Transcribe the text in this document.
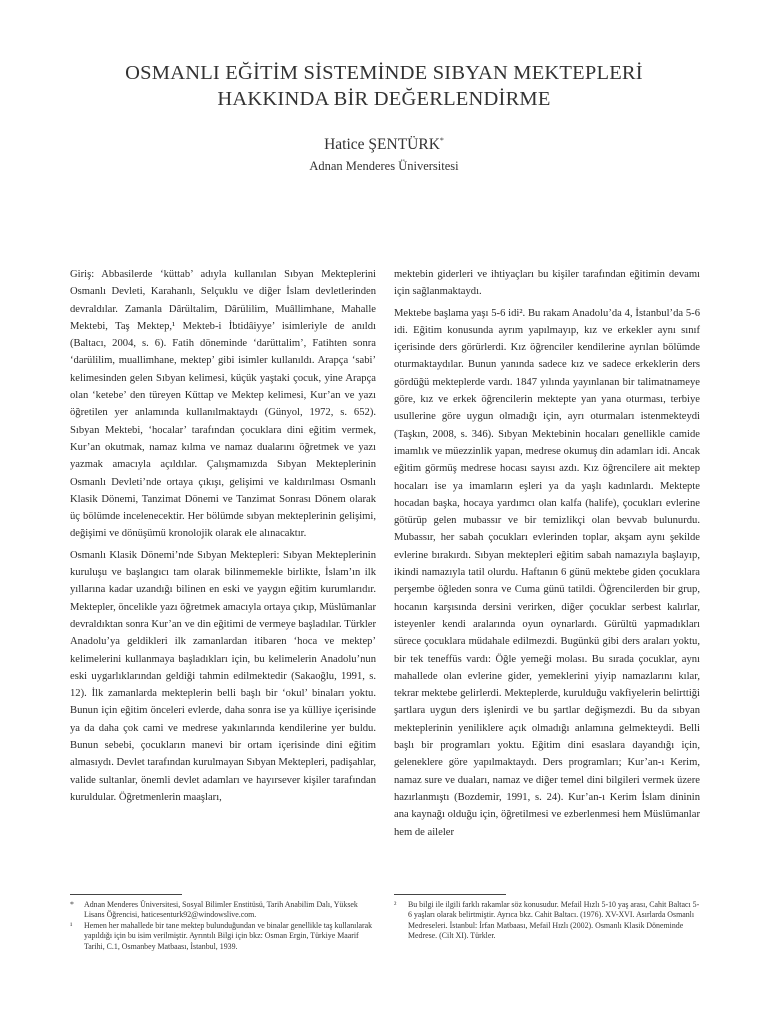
OSMANLI EĞİTİM SİSTEMİNDE SIBYAN MEKTEPLERİ
HAKKINDA BİR DEĞERLENDİRME
Hatice ŞENTÜRK*
Adnan Menderes Üniversitesi

Giriş: Abbasilerde ‘küttab’ adıyla kullanılan Sıbyan Mekteplerini Osmanlı Devleti, Karahanlı, Selçuklu ve diğer İslam devletlerinden devraldılar. Zamanla Dârültalim, Dârülilim, Muâllimhane, Mahalle Mektebi, Taş Mektep,¹ Mekteb-i İbtidâiyye’ isimleriyle de anıldı (Baltacı, 2004, s. 6). Fatih döneminde ‘darüttalim’, Fatihten sonra ‘darülilim, muallimhane, mektep’ gibi isimler kullanıldı. Arapça ‘sabi’ kelimesinden gelen Sıbyan kelimesi, küçük yaştaki çocuk, yine Arapça olan ‘ketebe’ den türeyen Küttap ve Mektep kelimesi, Kur’an ve yazı öğretilen yer anlamında kullanılmaktaydı (Günyol, 1972, s. 652). Sıbyan Mektebi, ‘hocalar’ tarafından çocuklara dini eğitim vermek, Kur’an okutmak, namaz kılma ve namaz dualarını öğretmek ve yazı yazmak amacıyla açıldılar. Çalışmamızda Sıbyan Mekteplerinin Osmanlı Devleti’nde ortaya çıkışı, gelişimi ve kaldırılması Osmanlı Klasik Dönemi, Tanzimat Dönemi ve Tanzimat Sonrası Dönem olarak üç bölümde incelenecektir. Her bölümde sıbyan mekteplerinin gelişimi, değişimi ve dönüşümü kronolojik olarak ele alınacaktır.

Osmanlı Klasik Dönemi’nde Sıbyan Mektepleri: Sıbyan Mekteplerinin kuruluşu ve başlangıcı tam olarak bilinmemekle birlikte, İslam’ın ilk yıllarına kadar uzandığı bilinen en eski ve yaygın eğitim kurumlarıdır. Mektepler, öncelikle yazı öğretmek amacıyla ortaya çıkıp, Müslümanlar devraldıktan sonra Kur’an ve din eğitimi de vermeye başladılar. Türkler Anadolu’ya geldikleri ilk zamanlardan itibaren ‘hoca ve mektep’ kelimelerini kullanmaya başladıkları için, bu kelimelerin Anadolu’nun eski uygarlıklarından geldiği tahmin edilmektedir (Sakaoğlu, 1991, s. 12). İlk zamanlarda mekteplerin belli başlı bir ‘okul’ binaları yoktu. Bunun için eğitim önceleri evlerde, daha sonra ise ya külliye içerisinde ya da daha çok cami ve medrese yakınlarında kendilerine yer buldu. Bunun sebebi, çocukların manevi bir ortam içerisinde dini eğitim almasıydı. Devlet tarafından kurulmayan Sıbyan Mektepleri, padişahlar, valide sultanlar, önemli devlet adamları ve hayırsever kişiler tarafından kuruldular. Öğretmenlerin maaşları,

mektebin giderleri ve ihtiyaçları bu kişiler tarafından eğitimin devamı için sağlanmaktaydı.

Mektebe başlama yaşı 5-6 idi². Bu rakam Anadolu’da 4, İstanbul’da 5-6 idi. Eğitim konusunda ayrım yapılmayıp, kız ve erkekler aynı sınıf içerisinde ders görürlerdi. Kız öğrenciler kendilerine ayrılan bölümde oturmaktaydılar. Bunun yanında sadece kız ve sadece erkeklerin ders gördüğü mekteplerde vardı. 1847 yılında yayınlanan bir talimatnameye göre, kız ve erkek öğrencilerin mektepte yan yana oturması, terbiye usullerine göre uygun olmadığı için, ayrı oturmaları istenmekteydi (Taşkın, 2008, s. 346). Sıbyan Mektebinin hocaları genellikle camide imamlık ve müezzinlik yapan, medrese okumuş din adamları idi. Ancak eğitim görmüş medrese hocası sayısı azdı. Kız öğrencilere ait mektep hocaları ise ya imamların eşleri ya da yaşlı kadınlardı. Mektepte hocadan başka, hocaya yardımcı olan kalfa (halife), çocukları evlerine götürüp gelen mubassır ve bir temizlikçi olan bevvab bulunurdu. Mubassır, her sabah çocukları evlerinden toplar, akşam aynı şekilde evlerine bırakırdı. Sıbyan mektepleri eğitim sabah namazıyla başlayıp, ikindi namazıyla tatil olurdu. Haftanın 6 günü mektebe giden çocuklara perşembe öğleden sonra ve Cuma günü tatildi. Öğrencilerden bir grup, hocanın karşısında dersini verirken, diğer çocuklar serbest kalırlar, isteyenler kendi aralarında oyun oynarlardı. Gürültü yapmadıkları sürece çocuklara müdahale edilmezdi. Bugünkü gibi ders araları yoktu, bir tek teneffüs vardı: Öğle yemeği molası. Bu sırada çocuklar, aynı mahallede olan evlerine gider, yemeklerini yiyip namazlarını kılar, tekrar mektebe gelirlerdi. Mekteplerde, kurulduğu vakfiyelerin belirttiği şartlara uygun ders işlenirdi ve bu şartlar değişmezdi. Bu da sıbyan mekteplerinin yeniliklere açık olmadığı anlamına gelmekteydi. Belli başlı bir programları yoktu. Eğitim dini esaslara dayandığı için, geleneklere göre yapılmaktaydı. Ders programları; Kur’an-ı Kerim, namaz sure ve duaları, namaz ve diğer temel dini bilgileri vermek üzere hazırlanmıştı (Bozdemir, 1991, s. 24). Kur’an-ı Kerim İslam dininin ana kaynağı olduğu için, öğretilmesi ve ezberlenmesi hem Müslümanlar hem de aileler

* Adnan Menderes Üniversitesi, Sosyal Bilimler Enstitüsü, Tarih Anabilim Dalı, Yüksek Lisans Öğrencisi, haticesenturk92@windowslive.com.

¹ Hemen her mahallede bir tane mektep bulunduğundan ve binalar genellikle taş kullanılarak yapıldığı için bu isim verilmiştir. Ayrıntılı Bilgi için bkz: Osman Ergin, Türkiye Maarif Tarihi, C.1, Osmanbey Matbaası, İstanbul, 1939.

² Bu bilgi ile ilgili farklı rakamlar söz konusudur. Mefail Hızlı 5-10 yaş arası, Cahit Baltacı 5-6 yaşları olarak belirtmiştir. Ayrıca bkz. Cahit Baltacı. (1976). XV-XVI. Asırlarda Osmanlı Medreseleri. İstanbul: İrfan Matbaası, Mefail Hızlı (2002). Osmanlı Klasik Döneminde Medrese. (Cilt XI). Türkler.
